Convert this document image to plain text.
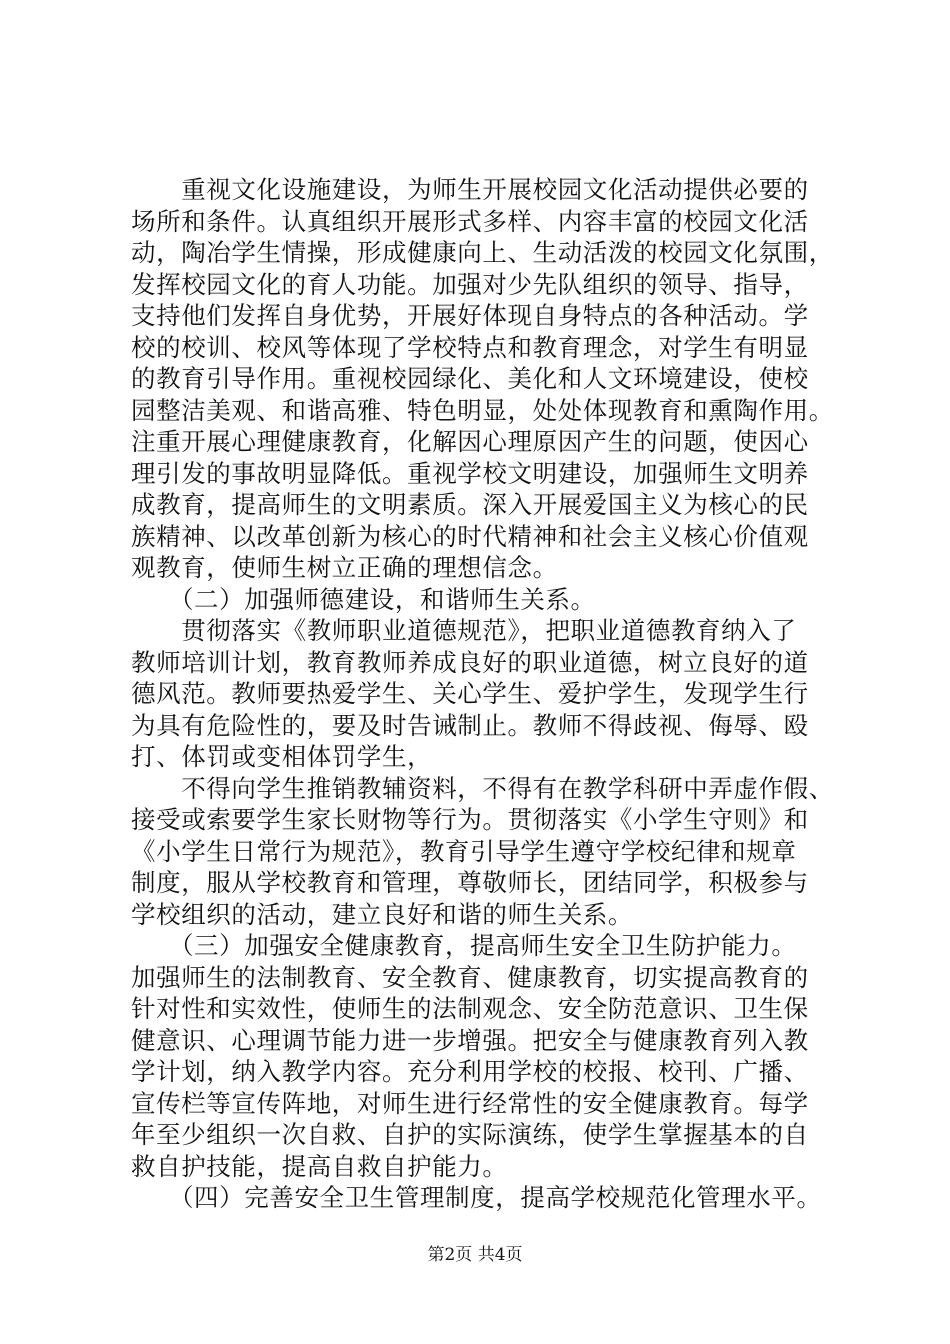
　　重视文化设施建设，为师生开展校园文化活动提供必要的
场所和条件。认真组织开展形式多样、内容丰富的校园文化活
动，陶冶学生情操，形成健康向上、生动活泼的校园文化氛围，
发挥校园文化的育人功能。加强对少先队组织的领导、指导，
支持他们发挥自身优势，开展好体现自身特点的各种活动。学
校的校训、校风等体现了学校特点和教育理念，对学生有明显
的教育引导作用。重视校园绿化、美化和人文环境建设，使校
园整洁美观、和谐高雅、特色明显，处处体现教育和熏陶作用。
注重开展心理健康教育，化解因心理原因产生的问题，使因心
理引发的事故明显降低。重视学校文明建设，加强师生文明养
成教育，提高师生的文明素质。深入开展爱国主义为核心的民
族精神、以改革创新为核心的时代精神和社会主义核心价值观
观教育，使师生树立正确的理想信念。
　　（二）加强师德建设，和谐师生关系。
　　贯彻落实《教师职业道德规范》，把职业道德教育纳入了
教师培训计划，教育教师养成良好的职业道德，树立良好的道
德风范。教师要热爱学生、关心学生、爱护学生，发现学生行
为具有危险性的，要及时告诫制止。教师不得歧视、侮辱、殴
打、体罚或变相体罚学生，
　　不得向学生推销教辅资料，不得有在教学科研中弄虚作假、
接受或索要学生家长财物等行为。贯彻落实《小学生守则》和
《小学生日常行为规范》，教育引导学生遵守学校纪律和规章
制度，服从学校教育和管理，尊敬师长，团结同学，积极参与
学校组织的活动，建立良好和谐的师生关系。
　　（三）加强安全健康教育，提高师生安全卫生防护能力。
加强师生的法制教育、安全教育、健康教育，切实提高教育的
针对性和实效性，使师生的法制观念、安全防范意识、卫生保
健意识、心理调节能力进一步增强。把安全与健康教育列入教
学计划，纳入教学内容。充分利用学校的校报、校刊、广播、
宣传栏等宣传阵地，对师生进行经常性的安全健康教育。每学
年至少组织一次自救、自护的实际演练，使学生掌握基本的自
救自护技能，提高自救自护能力。
　　（四）完善安全卫生管理制度，提高学校规范化管理水平。
第2页 共4页
